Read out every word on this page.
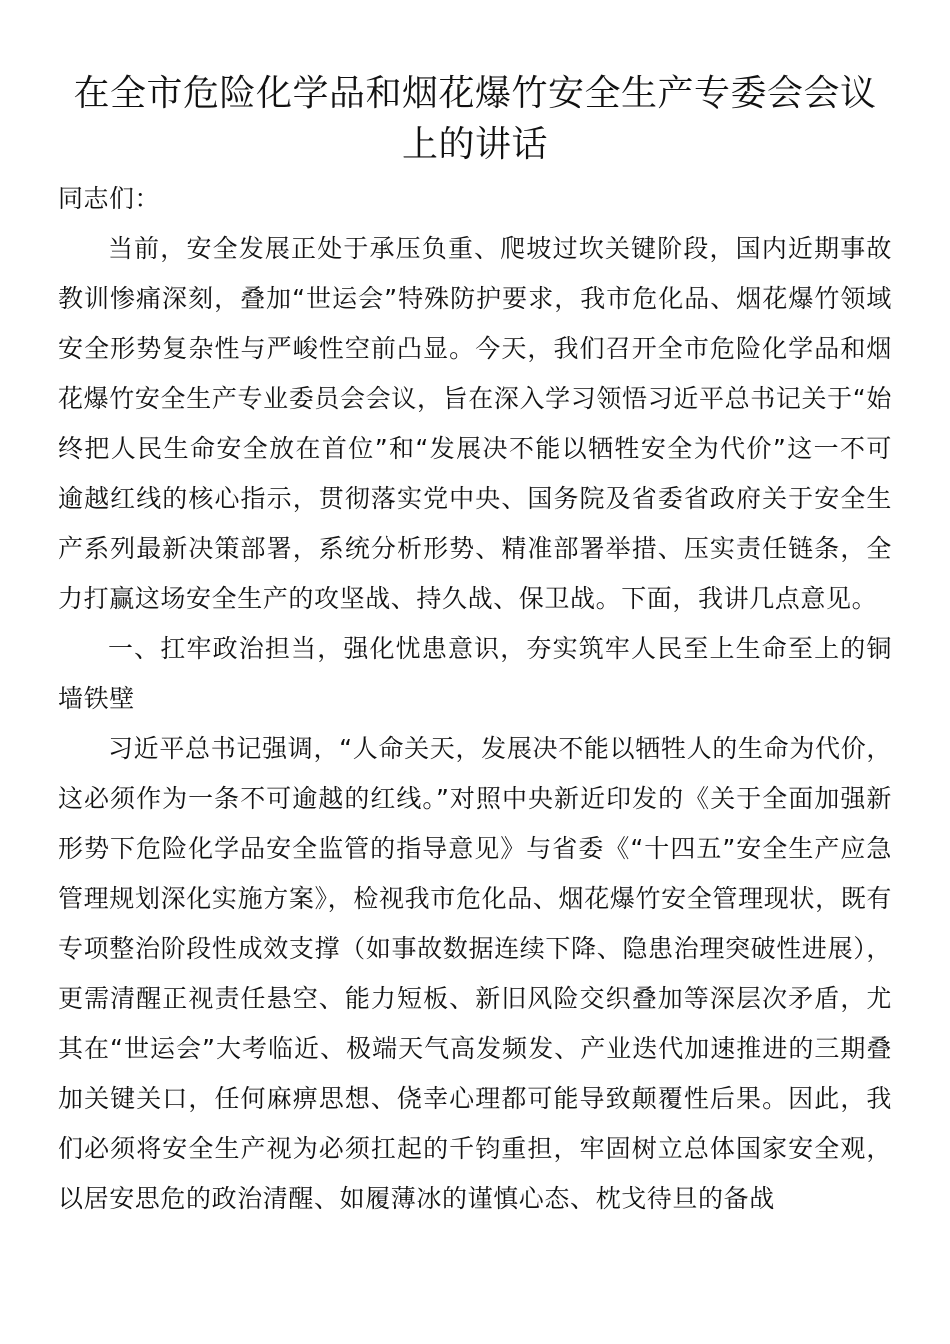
在全市危险化学品和烟花爆竹安全生产专委会会议上的讲话

同志们：

当前，安全发展正处于承压负重、爬坡过坎关键阶段，国内近期事故教训惨痛深刻，叠加“世运会”特殊防护要求，我市危化品、烟花爆竹领域安全形势复杂性与严峻性空前凸显。今天，我们召开全市危险化学品和烟花爆竹安全生产专业委员会会议，旨在深入学习领悟习近平总书记关于“始终把人民生命安全放在首位”和“发展决不能以牺牲安全为代价”这一不可逾越红线的核心指示，贯彻落实党中央、国务院及省委省政府关于安全生产系列最新决策部署，系统分析形势、精准部署举措、压实责任链条，全力打赢这场安全生产的攻坚战、持久战、保卫战。下面，我讲几点意见。

一、扛牢政治担当，强化忧患意识，夯实筑牢人民至上生命至上的铜墙铁壁

习近平总书记强调，“人命关天，发展决不能以牺牲人的生命为代价，这必须作为一条不可逾越的红线。”对照中央新近印发的《关于全面加强新形势下危险化学品安全监管的指导意见》与省委《“十四五”安全生产应急管理规划深化实施方案》，检视我市危化品、烟花爆竹安全管理现状，既有专项整治阶段性成效支撑（如事故数据连续下降、隐患治理突破性进展），更需清醒正视责任悬空、能力短板、新旧风险交织叠加等深层次矛盾，尤其在“世运会”大考临近、极端天气高发频发、产业迭代加速推进的三期叠加关键关口，任何麻痹思想、侥幸心理都可能导致颠覆性后果。因此，我们必须将安全生产视为必须扛起的千钧重担，牢固树立总体国家安全观，以居安思危的政治清醒、如履薄冰的谨慎心态、枕戈待旦的备战
